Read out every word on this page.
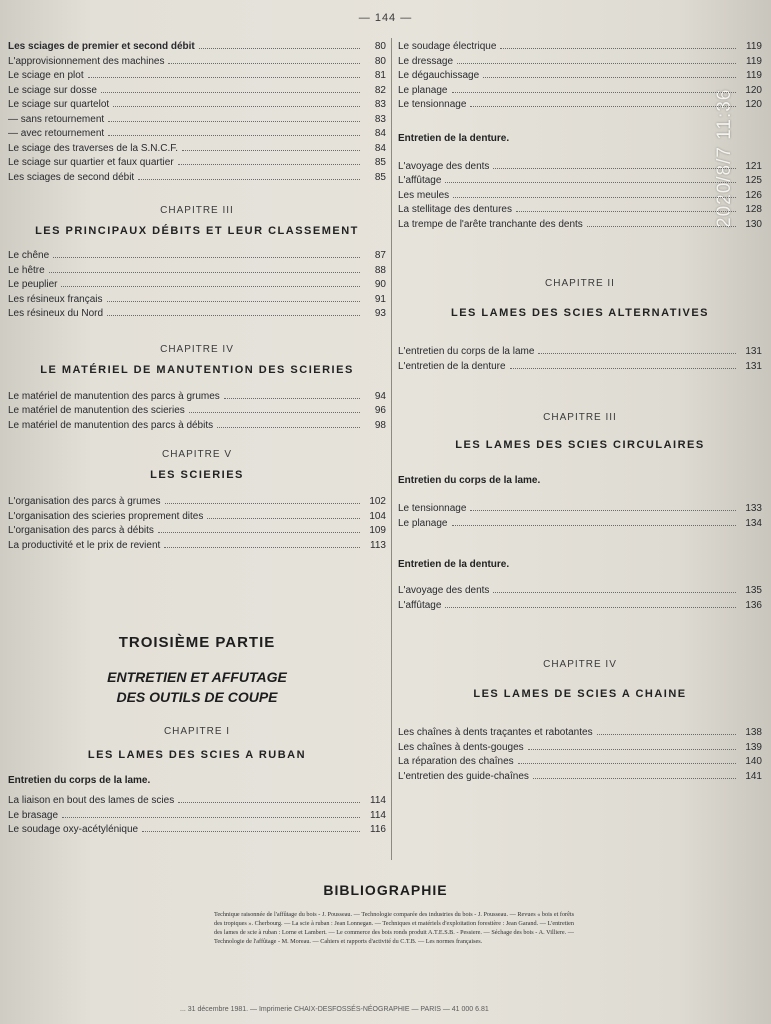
— 144 —
2020/8/7 11:36
Les sciages de premier et second débit	80
L'approvisionnement des machines	80
Le sciage en plot	81
Le sciage sur dosse	82
Le sciage sur quartelot	83
— sans retournement	83
— avec retournement	84
Le sciage des traverses de la S.N.C.F.	84
Le sciage sur quartier et faux quartier	85
Les sciages de second débit	85

CHAPITRE III

LES PRINCIPAUX DÉBITS ET LEUR CLASSEMENT

Le chêne	87
Le hêtre	88
Le peuplier	90
Les résineux français	91
Les résineux du Nord	93

CHAPITRE IV

LE MATÉRIEL DE MANUTENTION DES SCIERIES

Le matériel de manutention des parcs à grumes	94
Le matériel de manutention des scieries	96
Le matériel de manutention des parcs à débits	98

CHAPITRE V

LES SCIERIES

L'organisation des parcs à grumes	102
L'organisation des scieries proprement dites	104
L'organisation des parcs à débits	109
La productivité et le prix de revient	113
TROISIÈME PARTIE
ENTRETIEN ET AFFUTAGE
DES OUTILS DE COUPE

CHAPITRE I

LES LAMES DES SCIES A RUBAN

Entretien du corps de la lame.

La liaison en bout des lames de scies	114
Le brasage	114
Le soudage oxy-acétylénique	116
Le soudage électrique	119
Le dressage	119
Le dégauchissage	119
Le planage	120
Le tensionnage	120

Entretien de la denture.

L'avoyage des dents	121
L'affûtage	125
Les meules	126
La stellitage des dentures	128
La trempe de l'arête tranchante des dents	130

CHAPITRE II

LES LAMES DES SCIES ALTERNATIVES

L'entretien du corps de la lame	131
L'entretien de la denture	131

CHAPITRE III

LES LAMES DES SCIES CIRCULAIRES

Entretien du corps de la lame.

Le tensionnage	133
Le planage	134

Entretien de la denture.

L'avoyage des dents	135
L'affûtage	136

CHAPITRE IV

LES LAMES DE SCIES A CHAINE

Les chaînes à dents traçantes et rabotantes	138
Les chaînes à dents-gouges	139
La réparation des chaînes	140
L'entretien des guide-chaînes	141
BIBLIOGRAPHIE
Technique raisonnée de l'affûtage du bois - J. Pousseau. — Technologie comparée des industries du bois - J. Pousseau. — Revues « bois et forêts des tropiques ». Cherbourg. — La scie à ruban : Jean Lonnegan. — Techniques et matériels d'exploitation forestière : Jean Garand. — L'entretien des lames de scie à ruban : Lorne et Lambert. — Le commerce des bois ronds produit A.T.E.S.B. - Pessiere. — Séchage des bois - A. Villiere. — Technologie de l'affûtage - M. Moreau. — Cahiers et rapports d'activité du C.T.B. — Les normes françaises.
... 31 décembre 1981. — Imprimerie CHAIX-DESFOSSÉS-NÉOGRAPHIE — PARIS — 41 000 6.81
